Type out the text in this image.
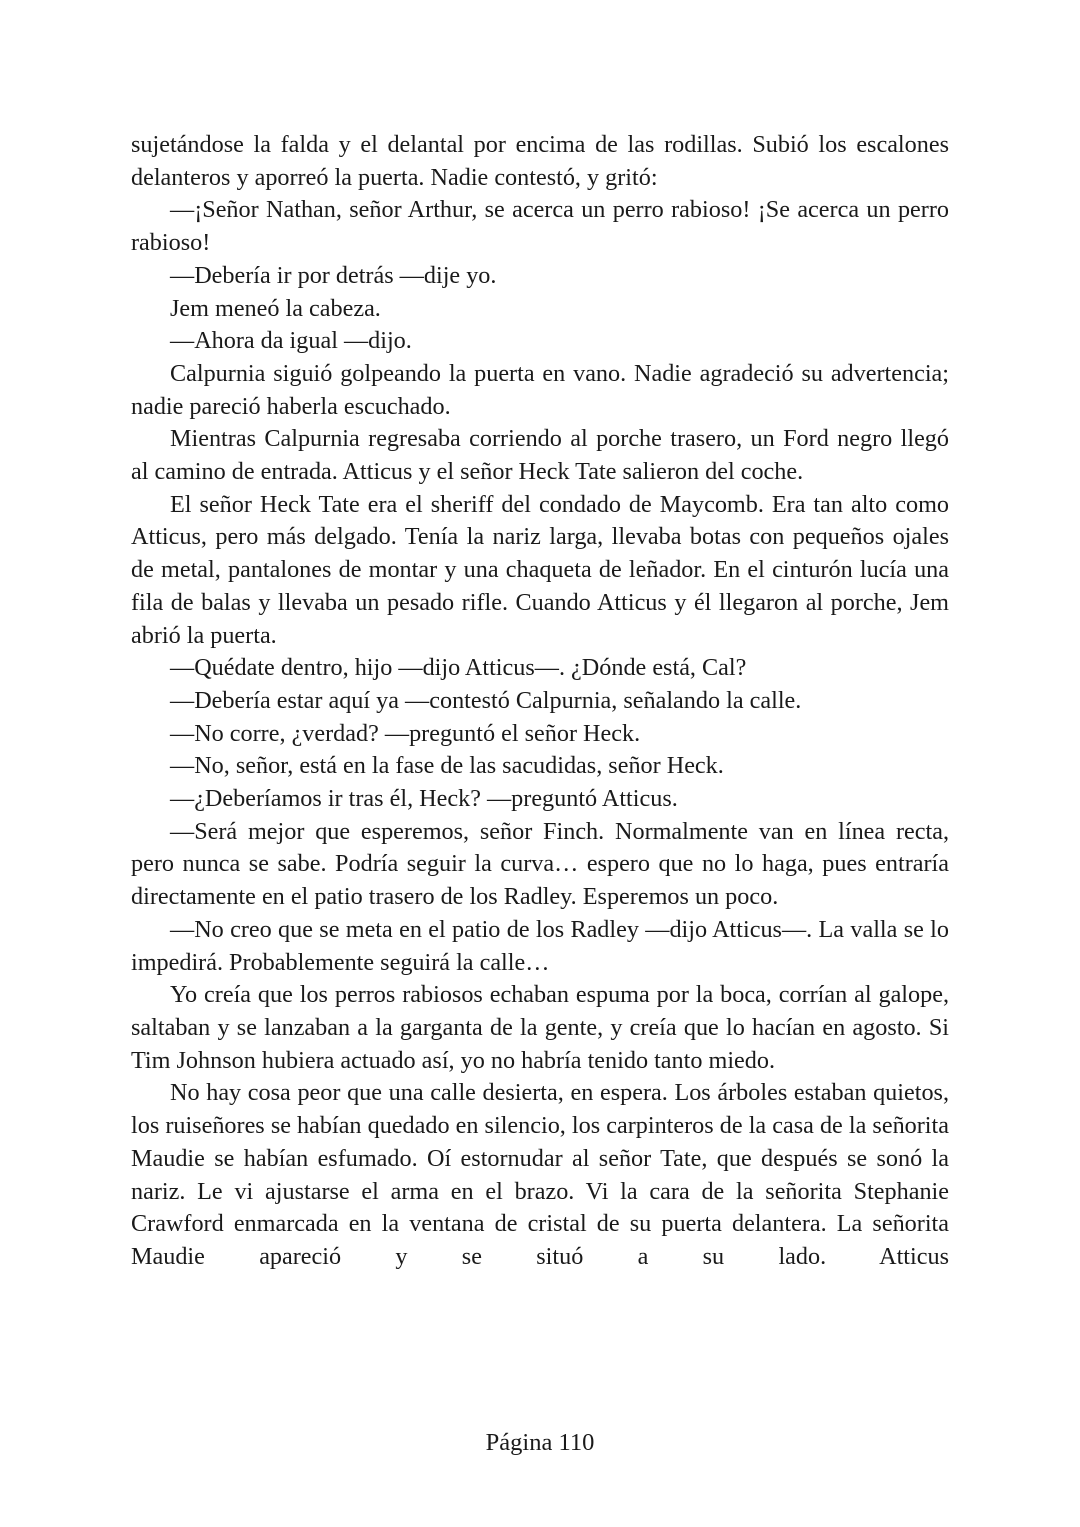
sujetándose la falda y el delantal por encima de las rodillas. Subió los escalones delanteros y aporreó la puerta. Nadie contestó, y gritó:

—¡Señor Nathan, señor Arthur, se acerca un perro rabioso! ¡Se acerca un perro rabioso!

—Debería ir por detrás —dije yo.

Jem meneó la cabeza.

—Ahora da igual —dijo.

Calpurnia siguió golpeando la puerta en vano. Nadie agradeció su advertencia; nadie pareció haberla escuchado.

Mientras Calpurnia regresaba corriendo al porche trasero, un Ford negro llegó al camino de entrada. Atticus y el señor Heck Tate salieron del coche.

El señor Heck Tate era el sheriff del condado de Maycomb. Era tan alto como Atticus, pero más delgado. Tenía la nariz larga, llevaba botas con pequeños ojales de metal, pantalones de montar y una chaqueta de leñador. En el cinturón lucía una fila de balas y llevaba un pesado rifle. Cuando Atticus y él llegaron al porche, Jem abrió la puerta.

—Quédate dentro, hijo —dijo Atticus—. ¿Dónde está, Cal?

—Debería estar aquí ya —contestó Calpurnia, señalando la calle.

—No corre, ¿verdad? —preguntó el señor Heck.

—No, señor, está en la fase de las sacudidas, señor Heck.

—¿Deberíamos ir tras él, Heck? —preguntó Atticus.

—Será mejor que esperemos, señor Finch. Normalmente van en línea recta, pero nunca se sabe. Podría seguir la curva… espero que no lo haga, pues entraría directamente en el patio trasero de los Radley. Esperemos un poco.

—No creo que se meta en el patio de los Radley —dijo Atticus—. La valla se lo impedirá. Probablemente seguirá la calle…

Yo creía que los perros rabiosos echaban espuma por la boca, corrían al galope, saltaban y se lanzaban a la garganta de la gente, y creía que lo hacían en agosto. Si Tim Johnson hubiera actuado así, yo no habría tenido tanto miedo.

No hay cosa peor que una calle desierta, en espera. Los árboles estaban quietos, los ruiseñores se habían quedado en silencio, los carpinteros de la casa de la señorita Maudie se habían esfumado. Oí estornudar al señor Tate, que después se sonó la nariz. Le vi ajustarse el arma en el brazo. Vi la cara de la señorita Stephanie Crawford enmarcada en la ventana de cristal de su puerta delantera. La señorita Maudie apareció y se situó a su lado. Atticus

Página 110
